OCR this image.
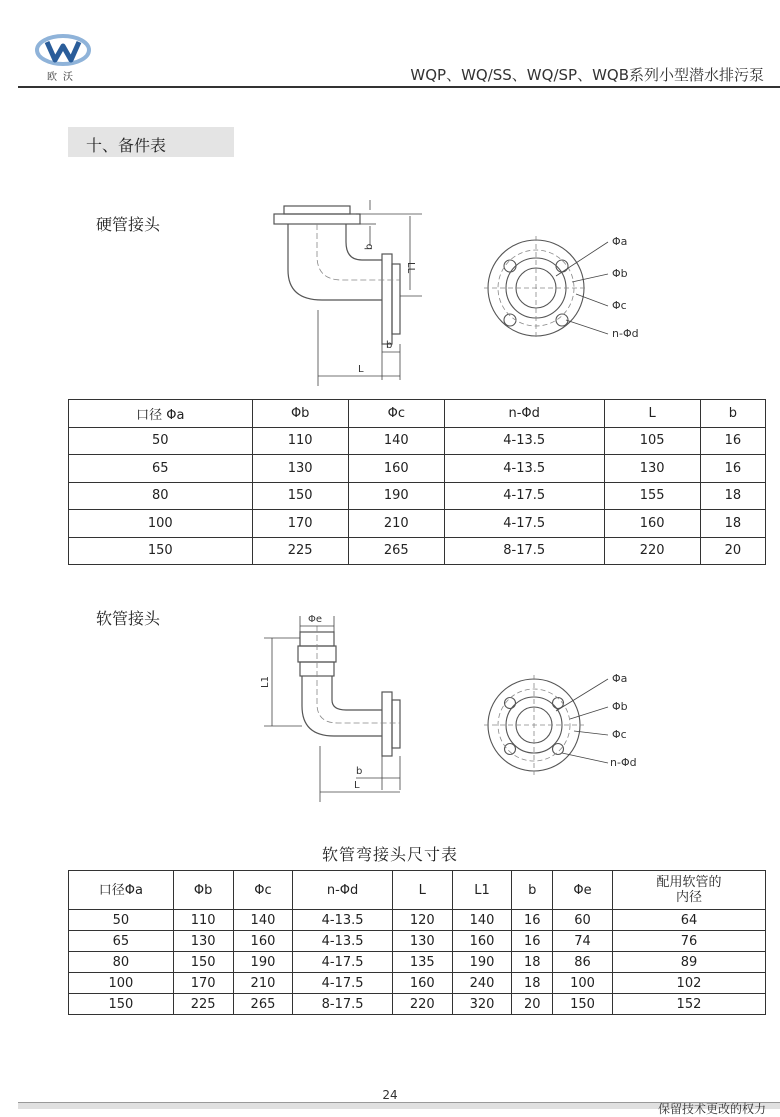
欧沃	WQP、WQ/SS、WQ/SP、WQB系列小型潜水排污泵
十、备件表
硬管接头
b
LL
b
L
Φa
Φb
Φc
n-Φd
口径 Φa	Φb	Φc	n-Φd	L	b
50	110	140	4-13.5	105	16
65	130	160	4-13.5	130	16
80	150	190	4-17.5	155	18
100	170	210	4-17.5	160	18
150	225	265	8-17.5	220	20
软管接头	Φe
L1
b
L
Φa
Φb
Φc
n-Φd
软管弯接头尺寸表
口径Φa	Φb	Φc	n-Φd	L	L1	b	Φe	配用软管的
内径
50	110	140	4-13.5	120	140	16	60	64
65	130	160	4-13.5	130	160	16	74	76
80	150	190	4-17.5	135	190	18	86	89
100	170	210	4-17.5	160	240	18	100	102
150	225	265	8-17.5	220	320	20	150	152
24
保留技术更改的权力
